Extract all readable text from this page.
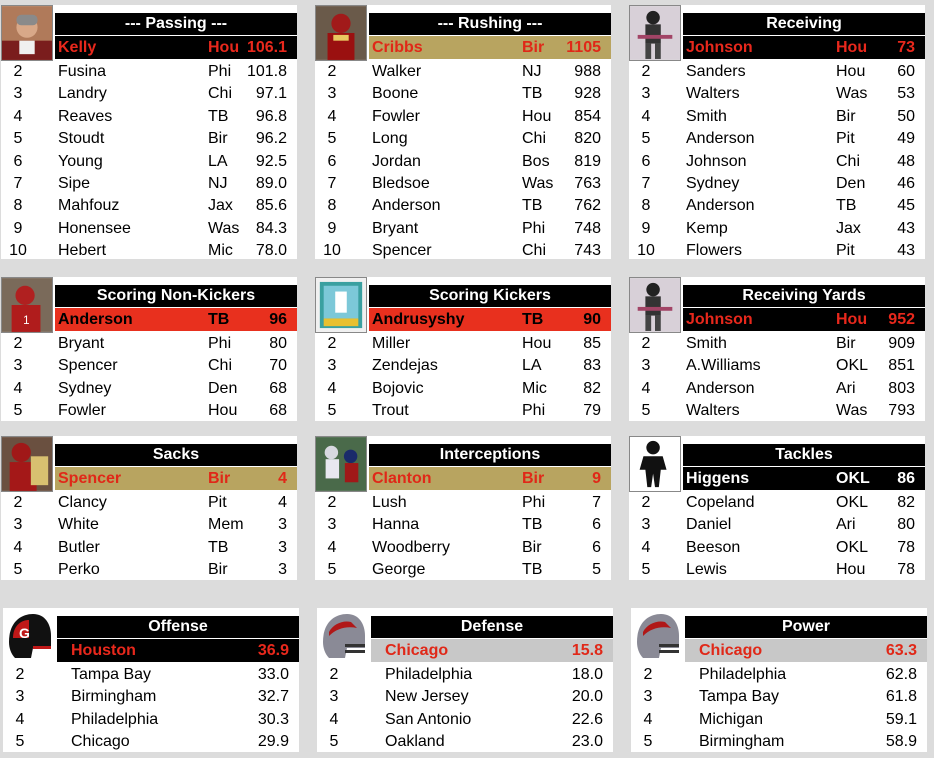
--- Passing ---
Kelly	Hou 106.1
2	Fusina	Phi 101.8
3	Landry	Chi 97.1
4	Reaves	TB 96.8
5	Stoudt	Bir 96.2
6	Young	LA 92.5
7	Sipe	NJ 89.0
8	Mahfouz	Jax 85.6
9	Honensee	Was 84.3
10	Hebert	Mic 78.0
--- Rushing ---
Cribbs	Bir 1105
2	Walker	NJ 988
3	Boone	TB 928
4	Fowler	Hou 854
5	Long	Chi 820
6	Jordan	Bos 819
7	Bledsoe	Was 763
8	Anderson	TB 762
9	Bryant	Phi 748
10	Spencer	Chi 743
Receiving
Johnson	Hou 73
2	Sanders	Hou 60
3	Walters	Was 53
4	Smith	Bir	50
5	Anderson	Pit	49
6	Johnson	Chi 48
7	Sydney	Den 46
8	Anderson	TB	45
9	Kemp	Jax 43
10	Flowers	Pit	43
1
Scoring Non-Kickers
Anderson	TB 96
2	Bryant	Phi 80
3	Spencer	Chi 70
4	Sydney	Den 68
5	Fowler	Hou 68
Scoring Kickers
Andrusyshy	TB 90
2	Miller	Hou 85
3	Zendejas	LA	83
4	Bojovic	Mic 82
5	Trout	Phi 79
Receiving Yards
Johnson	Hou 952
2	Smith	Bir 909
3	A.Williams	OKL 851
4	Anderson	Ari 803
5	Walters	Was 793
Sacks
Spencer	Bir	4
2	Clancy	Pit	4
3	White	Mem 3
4	Butler	TB	3
5	Perko	Bir	3
Interceptions
Clanton	Bir	9
2	Lush	Phi	7
3	Hanna	TB	6
4	Woodberry	Bir	6
5	George	TB	5
Tackles
Higgens	OKL 86
2	Copeland	OKL 82
3	Daniel	Ari	80
4	Beeson	OKL 78
5	Lewis	Hou 78
G	Offense
Houston	36.9
2	Tampa Bay	33.0
3	Birmingham	32.7
4	Philadelphia	30.3
5	Chicago	29.9
Defense
Chicago	15.8
2	Philadelphia	18.0
3	New Jersey	20.0
4	San Antonio	22.6
5	Oakland	23.0
Power
Chicago	63.3
2	Philadelphia	62.8
3	Tampa Bay	61.8
4	Michigan	59.1
5	Birmingham	58.9
